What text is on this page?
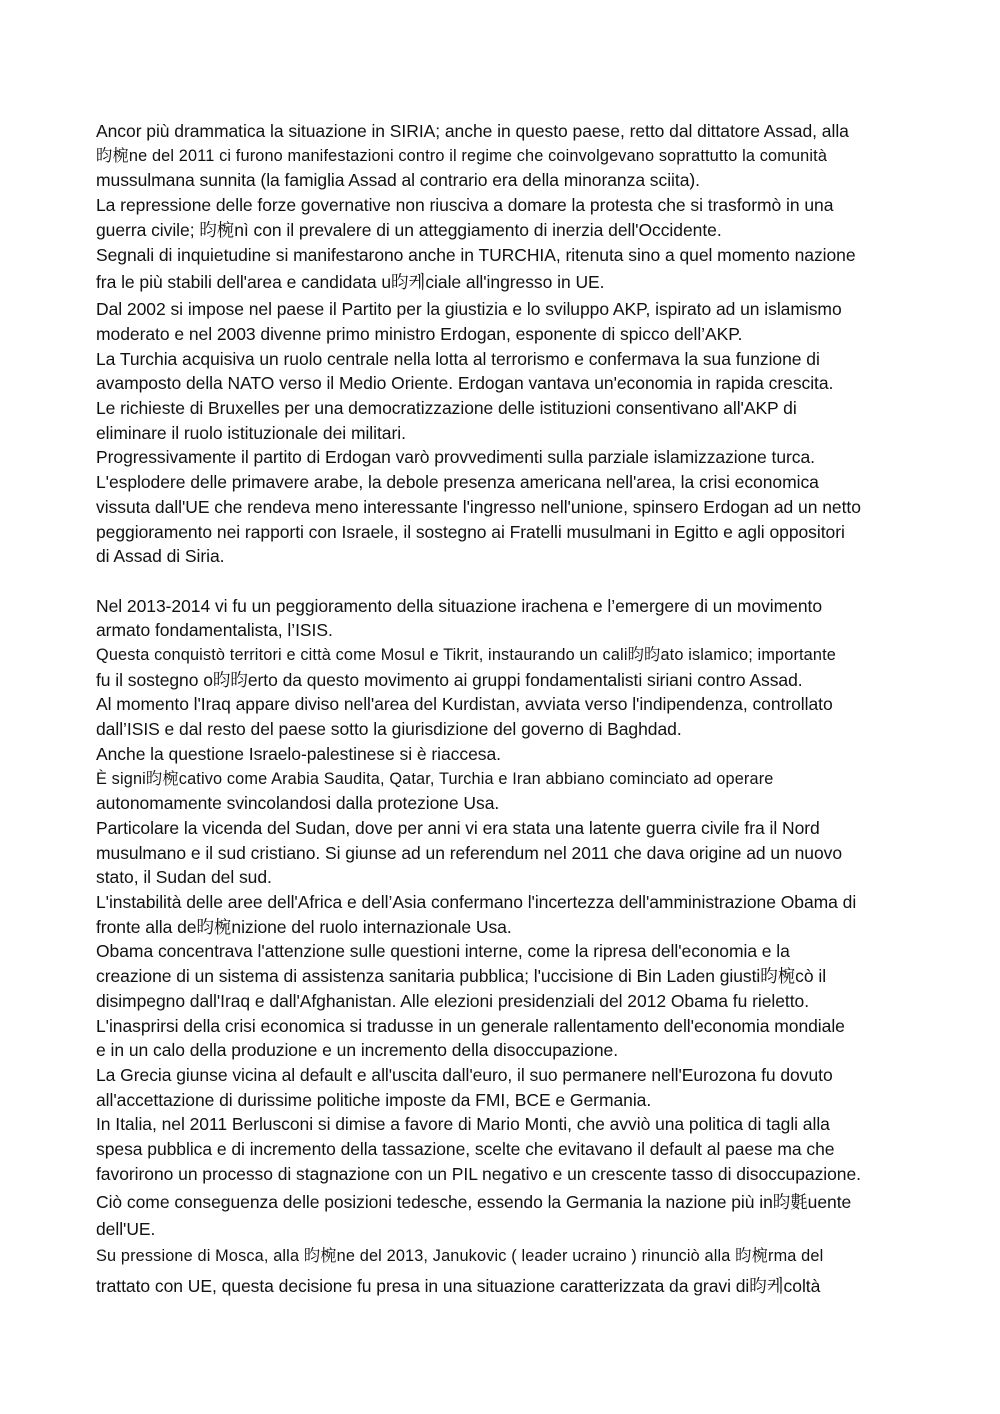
Ancor più drammatica la situazione in SIRIA; anche in questo paese, retto dal dittatore Assad, alla
昀椀ne del 2011 ci furono manifestazioni contro il regime che coinvolgevano soprattutto la comunità
mussulmana sunnita (la famiglia Assad al contrario era della minoranza sciita).
La repressione delle forze governative non riusciva a domare la protesta che si trasformò in una
guerra civile; 昀椀nì con il prevalere di un atteggiamento di inerzia dell'Occidente.
Segnali di inquietudine si manifestarono anche in TURCHIA, ritenuta sino a quel momento nazione
fra le più stabili dell'area e candidata u昀케ciale all'ingresso in UE.
Dal 2002 si impose nel paese il Partito per la giustizia e lo sviluppo AKP, ispirato ad un islamismo
moderato e nel 2003 divenne primo ministro Erdogan, esponente di spicco dell’AKP.
La Turchia acquisiva un ruolo centrale nella lotta al terrorismo e confermava la sua funzione di
avamposto della NATO verso il Medio Oriente. Erdogan vantava un'economia in rapida crescita.
Le richieste di Bruxelles per una democratizzazione delle istituzioni consentivano all'AKP di
eliminare il ruolo istituzionale dei militari.
Progressivamente il partito di Erdogan varò provvedimenti sulla parziale islamizzazione turca.
L'esplodere delle primavere arabe, la debole presenza americana nell'area, la crisi economica
vissuta dall'UE che rendeva meno interessante l'ingresso nell'unione, spinsero Erdogan ad un netto
peggioramento nei rapporti con Israele, il sostegno ai Fratelli musulmani in Egitto e agli oppositori
di Assad di Siria.
Nel 2013-2014 vi fu un peggioramento della situazione irachena e l’emergere di un movimento
armato fondamentalista, l’ISIS.
Questa conquistò territori e città come Mosul e Tikrit, instaurando un cali昀昀ato islamico; importante
fu il sostegno o昀昀erto da questo movimento ai gruppi fondamentalisti siriani contro Assad.
Al momento l'Iraq appare diviso nell'area del Kurdistan, avviata verso l'indipendenza, controllato
dall’ISIS e dal resto del paese sotto la giurisdizione del governo di Baghdad.
Anche la questione Israelo-palestinese si è riaccesa.
È signi昀椀cativo come Arabia Saudita, Qatar, Turchia e Iran abbiano cominciato ad operare
autonomamente svincolandosi dalla protezione Usa.
Particolare la vicenda del Sudan, dove per anni vi era stata una latente guerra civile fra il Nord
musulmano e il sud cristiano. Si giunse ad un referendum nel 2011 che dava origine ad un nuovo
stato, il Sudan del sud.
L'instabilità delle aree dell'Africa e dell’Asia confermano l'incertezza dell'amministrazione Obama di
fronte alla de昀椀nizione del ruolo internazionale Usa.
Obama concentrava l'attenzione sulle questioni interne, come la ripresa dell'economia e la
creazione di un sistema di assistenza sanitaria pubblica; l'uccisione di Bin Laden giusti昀椀cò il
disimpegno dall'Iraq e dall'Afghanistan. Alle elezioni presidenziali del 2012 Obama fu rieletto.
L'inasprirsi della crisi economica si tradusse in un generale rallentamento dell'economia mondiale
e in un calo della produzione e un incremento della disoccupazione.
La Grecia giunse vicina al default e all'uscita dall'euro, il suo permanere nell'Eurozona fu dovuto
all'accettazione di durissime politiche imposte da FMI, BCE e Germania.
In Italia, nel 2011 Berlusconi si dimise a favore di Mario Monti, che avviò una politica di tagli alla
spesa pubblica e di incremento della tassazione, scelte che evitavano il default al paese ma che
favorirono un processo di stagnazione con un PIL negativo e un crescente tasso di disoccupazione.
Ciò come conseguenza delle posizioni tedesche, essendo la Germania la nazione più in昀氀uente
dell'UE.
Su pressione di Mosca, alla 昀椀ne del 2013, Janukovic ( leader ucraino ) rinunciò alla 昀椀rma del
trattato con UE, questa decisione fu presa in una situazione caratterizzata da gravi di昀케coltà
